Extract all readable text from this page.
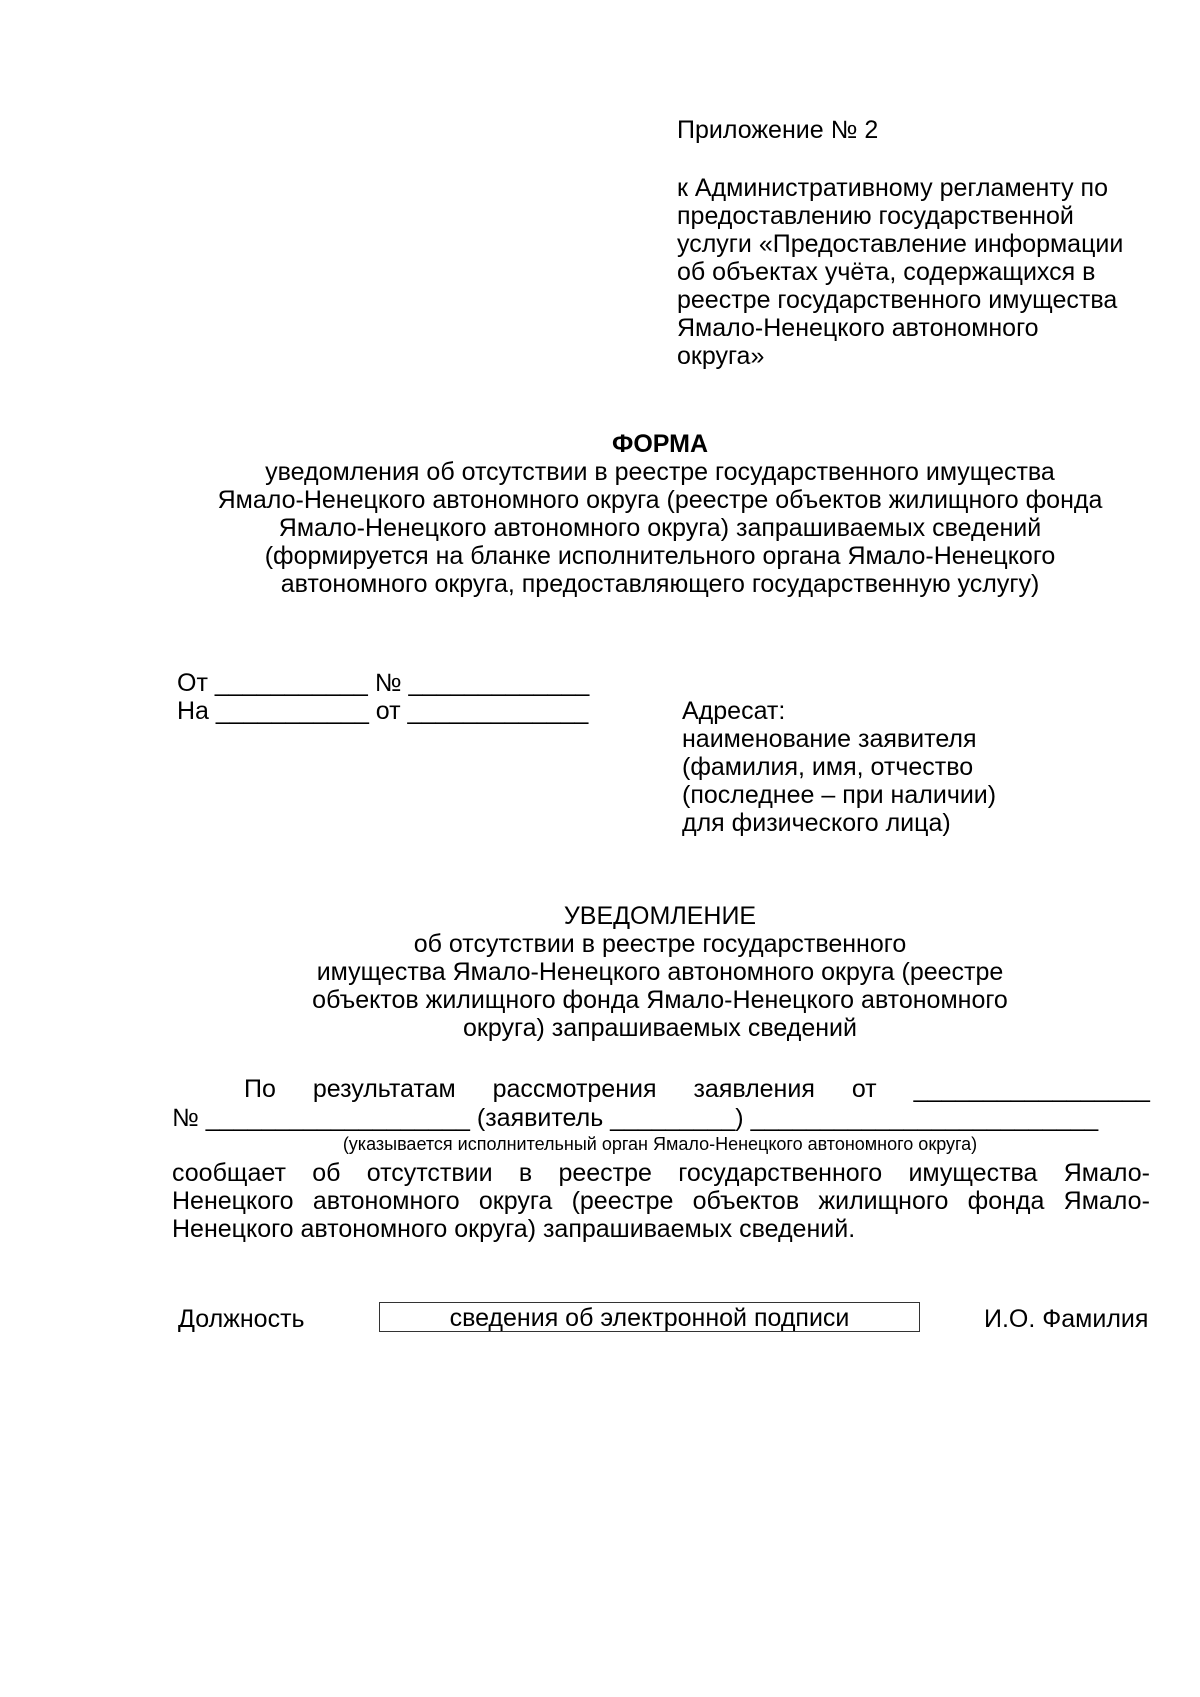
Приложение № 2
к Административному регламенту по
предоставлению государственной
услуги «Предоставление информации
об объектах учёта, содержащихся в
реестре государственного имущества
Ямало-Ненецкого автономного
округа»
ФОРМА
уведомления об отсутствии в реестре государственного имущества
Ямало-Ненецкого автономного округа (реестре объектов жилищного фонда
Ямало-Ненецкого автономного округа) запрашиваемых сведений
(формируется на бланке исполнительного органа Ямало-Ненецкого
автономного округа, предоставляющего государственную услугу)
От ___________ № _____________
На ___________ от _____________	Адресат:
наименование заявителя
(фамилия, имя, отчество
(последнее – при наличии)
для физического лица)
УВЕДОМЛЕНИЕ
об отсутствии в реестре государственного
имущества Ямало-Ненецкого автономного округа (реестре
объектов жилищного фонда Ямало-Ненецкого автономного
округа) запрашиваемых сведений
По результатам рассмотрения заявления от _________________
№ ___________________ (заявитель _________) _________________________
(указывается исполнительный орган Ямало-Ненецкого автономного округа)
сообщает об отсутствии в реестре государственного имущества Ямало-
Ненецкого автономного округа (реестре объектов жилищного фонда Ямало-
Ненецкого автономного округа) запрашиваемых сведений.
Должность	сведения об электронной подписи	И.О. Фамилия
